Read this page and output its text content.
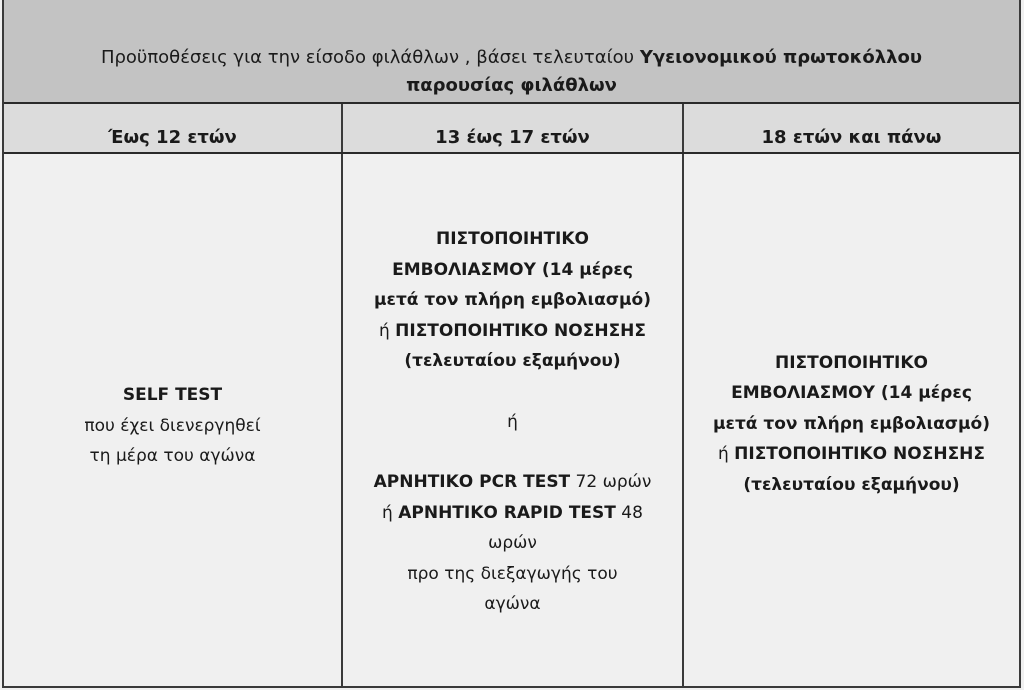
Προϋποθέσεις για την είσοδο φιλάθλων , βάσει τελευταίου Υγειονομικού πρωτοκόλλου
παρουσίας φιλάθλων
Έως 12 ετών	13 έως 17 ετών	18 ετών και πάνω
SELF TEST
που έχει διενεργηθεί
τη μέρα του αγώνα
ΠΙΣΤΟΠΟΙΗΤΙΚΟ
ΕΜΒΟΛΙΑΣΜΟΥ (14 μέρες
μετά τον πλήρη εμβολιασμό)
ή ΠΙΣΤΟΠΟΙΗΤΙΚΟ ΝΟΣΗΣΗΣ
(τελευταίου εξαμήνου)
ή
ΑΡΝΗΤΙΚΟ PCR TEST 72 ωρών
ή ΑΡΝΗΤΙΚΟ RAPID TEST 48
ωρών
προ της διεξαγωγής του
αγώνα
ΠΙΣΤΟΠΟΙΗΤΙΚΟ
ΕΜΒΟΛΙΑΣΜΟΥ (14 μέρες
μετά τον πλήρη εμβολιασμό)
ή ΠΙΣΤΟΠΟΙΗΤΙΚΟ ΝΟΣΗΣΗΣ
(τελευταίου εξαμήνου)
